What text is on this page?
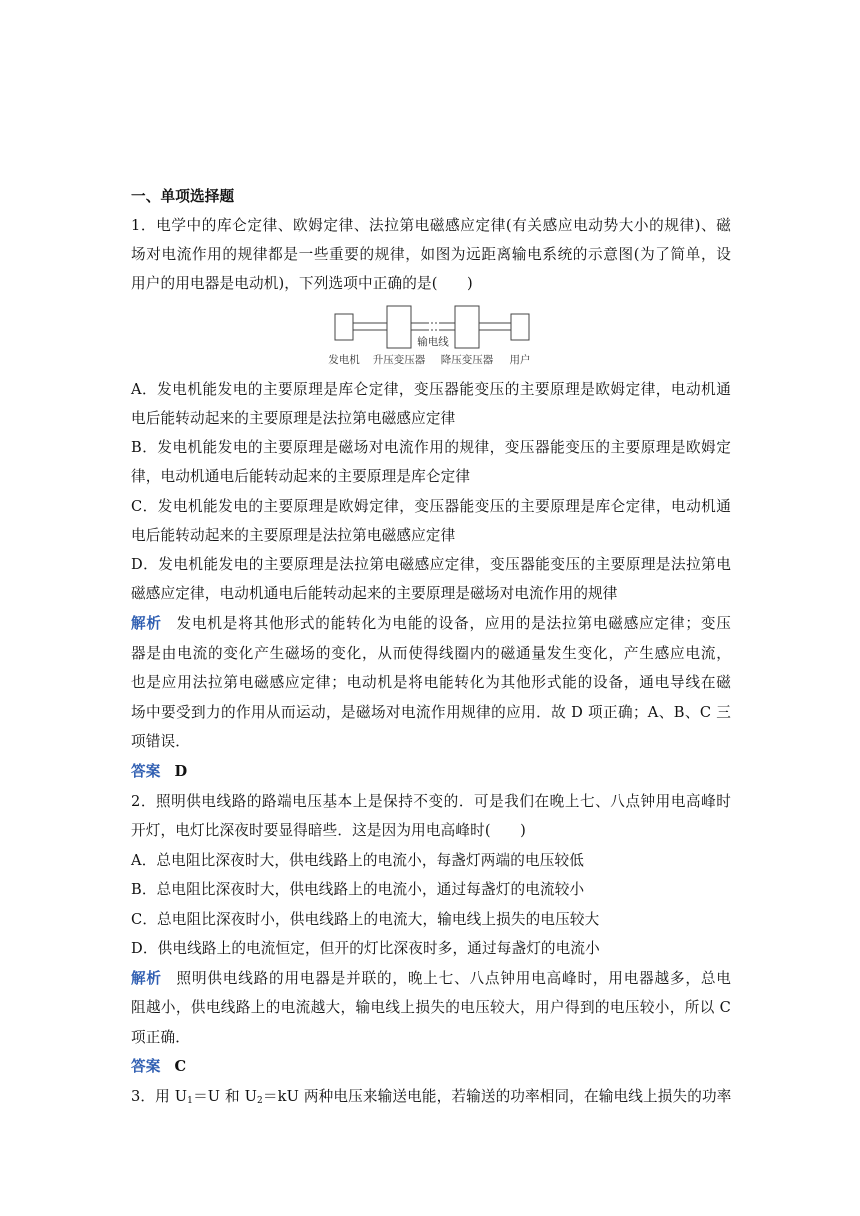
一、单项选择题
1．电学中的库仑定律、欧姆定律、法拉第电磁感应定律(有关感应电动势大小的规律)、磁
场对电流作用的规律都是一些重要的规律，如图为远距离输电系统的示意图(为了简单，设
用户的用电器是电动机)，下列选项中正确的是(　　)
输电线
发电机 升压变压器 降压变压器 用户
A．发电机能发电的主要原理是库仑定律，变压器能变压的主要原理是欧姆定律，电动机通
电后能转动起来的主要原理是法拉第电磁感应定律
B．发电机能发电的主要原理是磁场对电流作用的规律，变压器能变压的主要原理是欧姆定
律，电动机通电后能转动起来的主要原理是库仑定律
C．发电机能发电的主要原理是欧姆定律，变压器能变压的主要原理是库仑定律，电动机通
电后能转动起来的主要原理是法拉第电磁感应定律
D．发电机能发电的主要原理是法拉第电磁感应定律，变压器能变压的主要原理是法拉第电
磁感应定律，电动机通电后能转动起来的主要原理是磁场对电流作用的规律
解析 发电机是将其他形式的能转化为电能的设备，应用的是法拉第电磁感应定律；变压
器是由电流的变化产生磁场的变化，从而使得线圈内的磁通量发生变化，产生感应电流，
也是应用法拉第电磁感应定律；电动机是将电能转化为其他形式能的设备，通电导线在磁
场中要受到力的作用从而运动，是磁场对电流作用规律的应用．故 D 项正确；A、B、C 三
项错误．
答案 D
2．照明供电线路的路端电压基本上是保持不变的．可是我们在晚上七、八点钟用电高峰时
开灯，电灯比深夜时要显得暗些．这是因为用电高峰时(　　)
A．总电阻比深夜时大，供电线路上的电流小，每盏灯两端的电压较低
B．总电阻比深夜时大，供电线路上的电流小，通过每盏灯的电流较小
C．总电阻比深夜时小，供电线路上的电流大，输电线上损失的电压较大
D．供电线路上的电流恒定，但开的灯比深夜时多，通过每盏灯的电流小
解析 照明供电线路的用电器是并联的，晚上七、八点钟用电高峰时，用电器越多，总电
阻越小，供电线路上的电流越大，输电线上损失的电压较大，用户得到的电压较小，所以 C
项正确．
答案 C
3．用 $U_1=U$ 和 $U_2=kU$ 两种电压来输送电能，若输送的功率相同，在输电线上损失的功率
